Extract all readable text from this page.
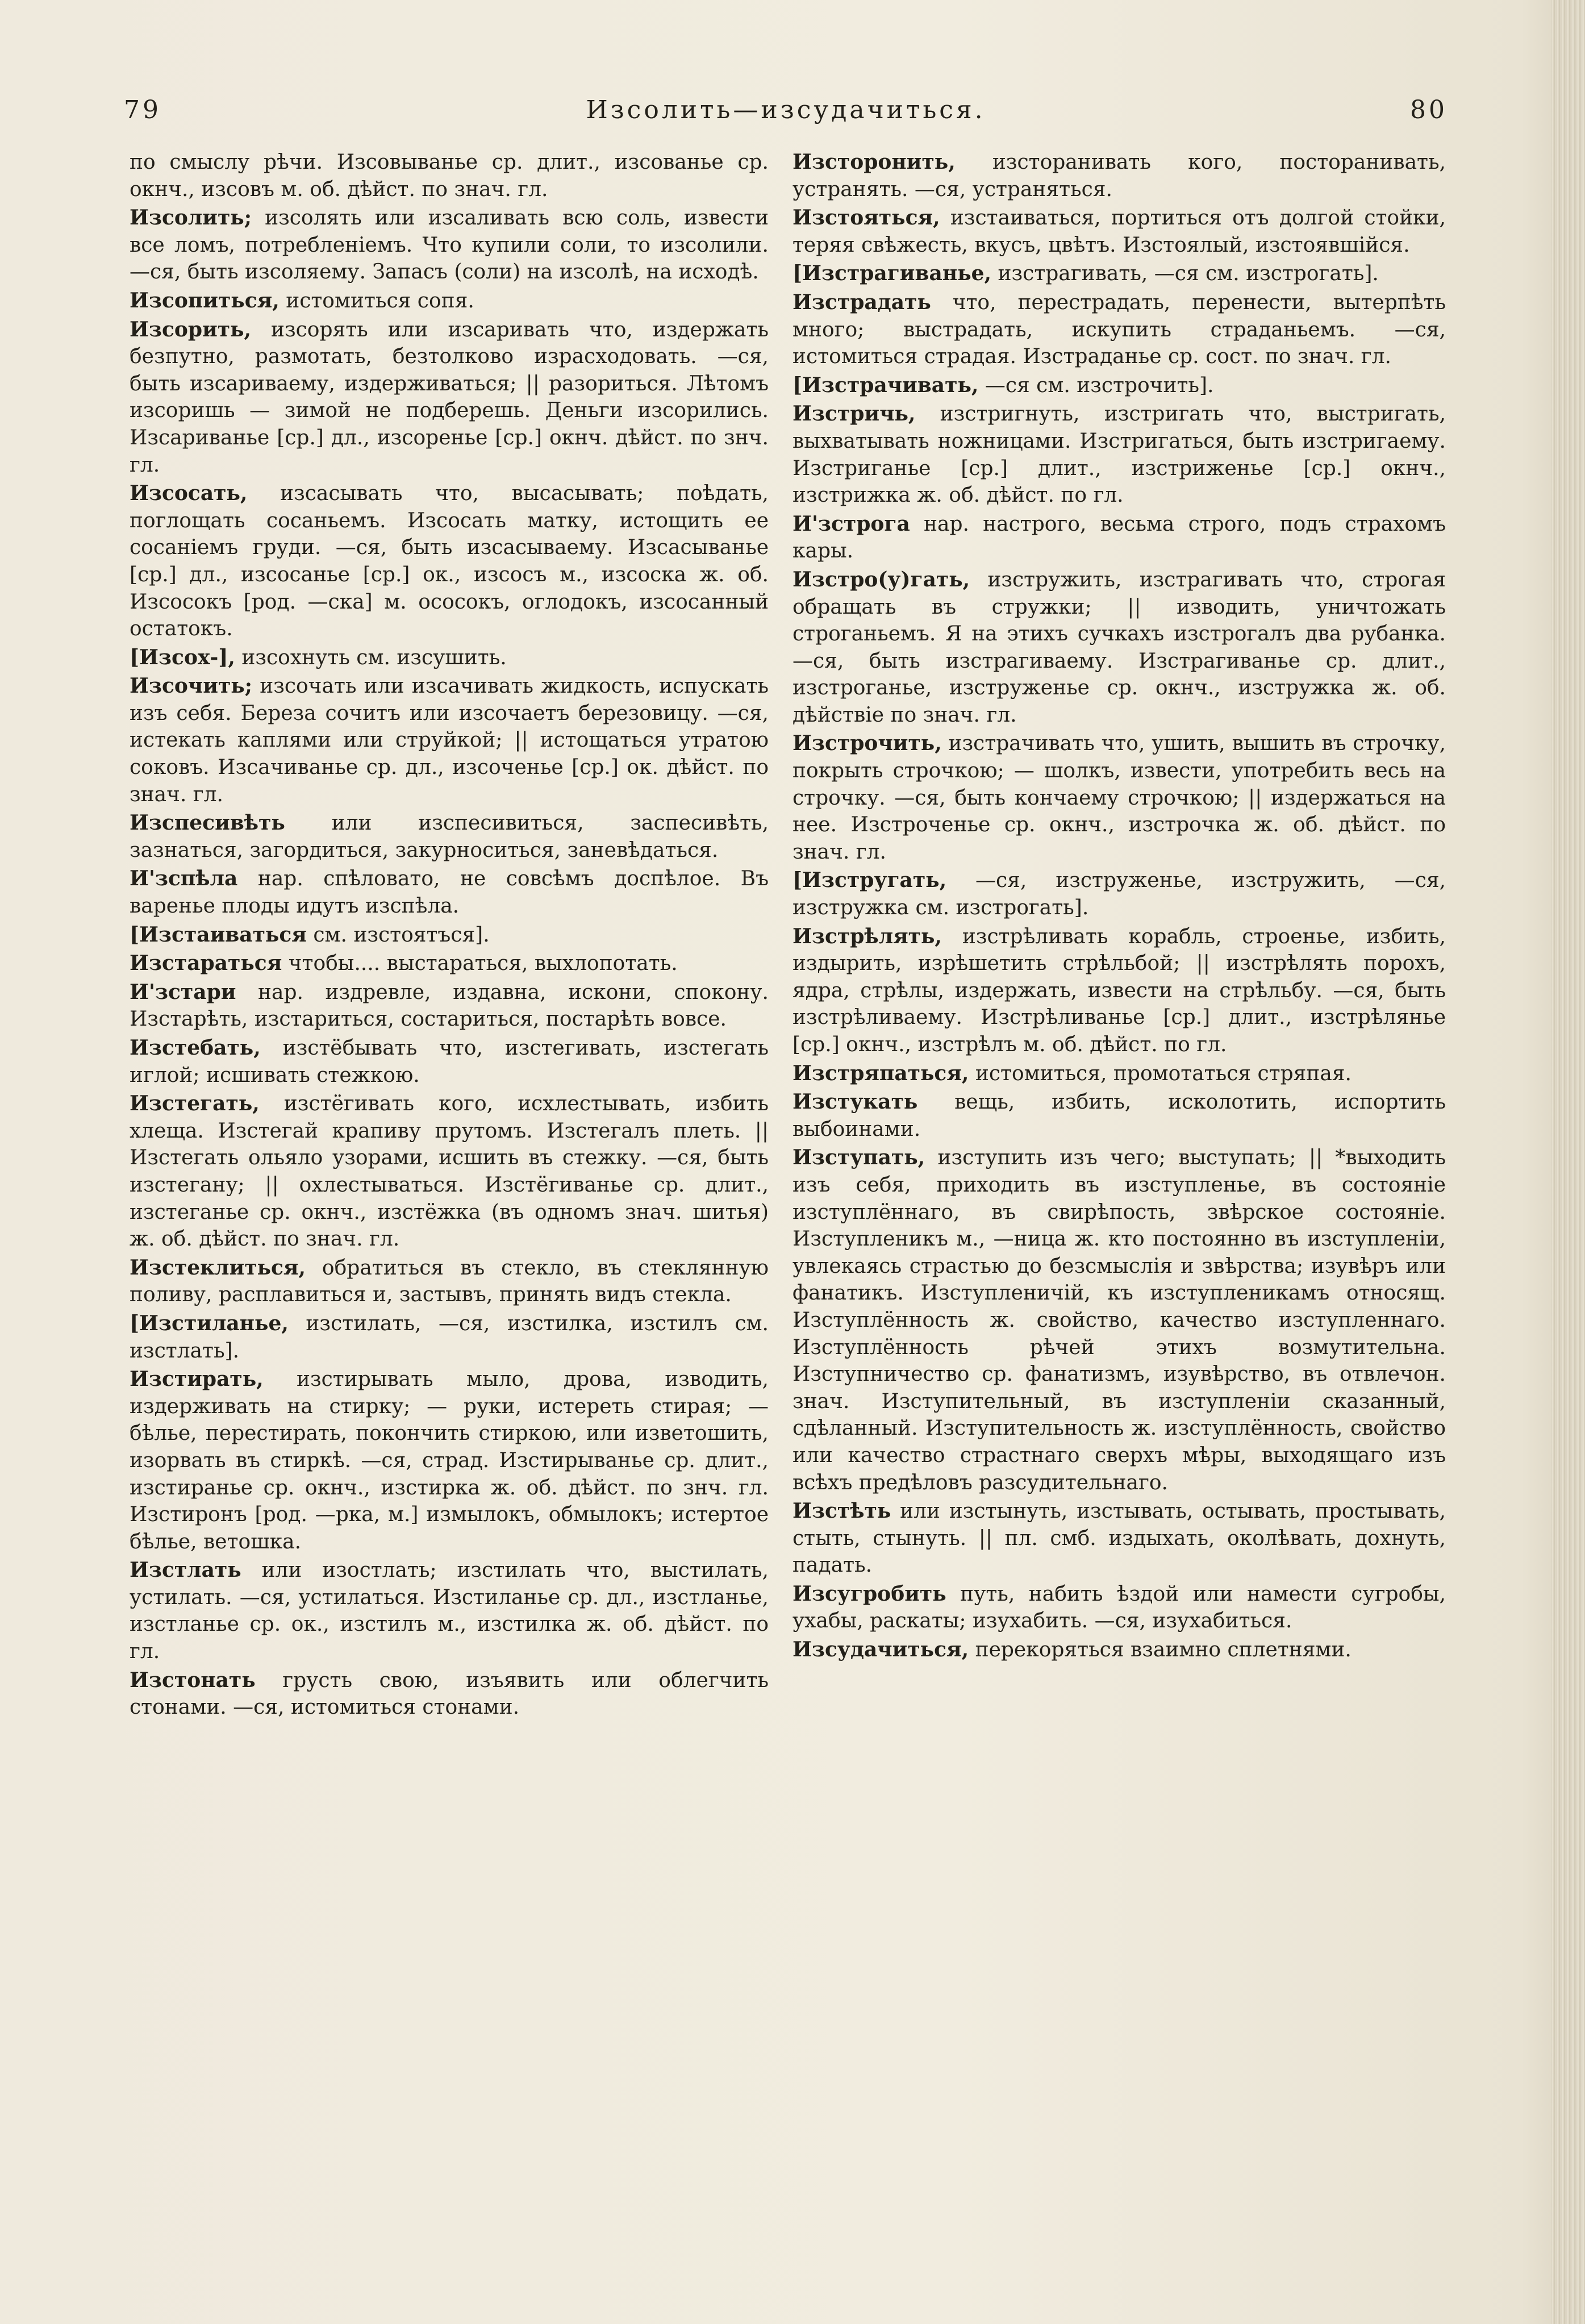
79	Изсолить—изсудачиться.	80
по смыслу рѣчи. Изсовыванье ср. длит., изсованье ср. окнч., изсовъ м. об. дѣйст. по знач. гл.
Изсолить; изсолять или изсаливать всю соль, извести все ломъ, потребленіемъ. Что купили соли, то изсолили. —ся, быть изсоляему. Запасъ (соли) на изсолѣ, на исходѣ.
Изсопиться, истомиться сопя.
Изсорить, изсорять или изсаривать что, издержать безпутно, размотать, безтолково израсходовать. —ся, быть изсариваему, издерживаться; || разориться. Лѣтомъ изсоришь — зимой не подберешь. Деньги изсорились. Изсариванье [ср.] дл., изсоренье [ср.] окнч. дѣйст. по знч. гл.
Изсосать, изсасывать что, высасывать; поѣдать, поглощать сосаньемъ. Изсосать матку, истощить ее сосаніемъ груди. —ся, быть изсасываему. Изсасыванье [ср.] дл., изсосанье [ср.] ок., изсосъ м., изсоска ж. об. Изсосокъ [род. —ска] м. ососокъ, оглодокъ, изсосанный остатокъ.
[Изсох-], изсохнуть см. изсушить.
Изсочить; изсочать или изсачивать жидкость, испускать изъ себя. Береза сочитъ или изсочаетъ березовицу. —ся, истекать каплями или струйкой; || истощаться утратою соковъ. Изсачиванье ср. дл., изсоченье [ср.] ок. дѣйст. по знач. гл.
Изспесивѣть или изспесивиться, заспесивѣть, зазнаться, загордиться, закурноситься, заневѣдаться.
И'зспѣла нар. спѣловато, не совсѣмъ доспѣлое. Въ варенье плоды идутъ изспѣла.
[Изстаиваться см. изстоятъся].
Изстараться чтобы.... выстараться, выхлопотать.
И'зстари нар. издревле, издавна, искони, спокону. Изстарѣть, изстариться, состариться, постарѣть вовсе.
Изстебать, изстёбывать что, изстегивать, изстегать иглой; исшивать стежкою.
Изстегать, изстёгивать кого, исхлестывать, избить хлеща. Изстегай крапиву прутомъ. Изстегалъ плеть. || Изстегать ольяло узорами, исшить въ стежку. —ся, быть изстегану; || охлестываться. Изстёгиванье ср. длит., изстеганье ср. окнч., изстёжка (въ одномъ знач. шитья) ж. об. дѣйст. по знач. гл.
Изстеклиться, обратиться въ стекло, въ стеклянную поливу, расплавиться и, застывъ, принять видъ стекла.
[Изстиланье, изстилать, —ся, изстилка, изстилъ см. изстлать].
Изстирать, изстирывать мыло, дрова, изводить, издерживать на стирку; — руки, истереть стирая; — бѣлье, перестирать, покончить стиркою, или изветошить, изорвать въ стиркѣ. —ся, страд. Изстирыванье ср. длит., изстиранье ср. окнч., изстирка ж. об. дѣйст. по знч. гл. Изстиронъ [род. —рка, м.] измылокъ, обмылокъ; истертое бѣлье, ветошка.
Изстлать или изостлать; изстилать что, выстилать, устилать. —ся, устилаться. Изстиланье ср. дл., изстланье, изстланье ср. ок., изстилъ м., изстилка ж. об. дѣйст. по гл.
Изстонать грусть свою, изъявить или облегчить стонами. —ся, истомиться стонами.
Изсторонить, изсторанивать кого, посторанивать, устранять. —ся, устраняться.
Изстояться, изстаиваться, портиться отъ долгой стойки, теряя свѣжесть, вкусъ, цвѣтъ. Изстоялый, изстоявшійся.
[Изстрагиванье, изстрагивать, —ся см. изстрогать].
Изстрадать что, перестрадать, перенести, вытерпѣть много; выстрадать, искупить страданьемъ. —ся, истомиться страдая. Изстраданье ср. сост. по знач. гл.
[Изстрачивать, —ся см. изстрочить].
Изстричь, изстригнуть, изстригать что, выстригать, выхватывать ножницами. Изстригаться, быть изстригаему. Изстриганье [ср.] длит., изстриженье [ср.] окнч., изстрижка ж. об. дѣйст. по гл.
И'зстрога нар. настрого, весьма строго, подъ страхомъ кары.
Изстро(у)гать, изстружить, изстрагивать что, строгая обращать въ стружки; || изводить, уничтожать строганьемъ. Я на этихъ сучкахъ изстрогалъ два рубанка. —ся, быть изстрагиваему. Изстрагиванье ср. длит., изстроганье, изструженье ср. окнч., изстружка ж. об. дѣйствіе по знач. гл.
Изстрочить, изстрачивать что, ушить, вышить въ строчку, покрыть строчкою; — шолкъ, извести, употребить весь на строчку. —ся, быть кончаему строчкою; || издержаться на нее. Изстроченье ср. окнч., изстрочка ж. об. дѣйст. по знач. гл.
[Изстругать, —ся, изструженье, изстружить, —ся, изстружка см. изстрогать].
Изстрѣлять, изстрѣливать корабль, строенье, избить, издырить, изрѣшетить стрѣльбой; || изстрѣлять порохъ, ядра, стрѣлы, издержать, извести на стрѣльбу. —ся, быть изстрѣливаему. Изстрѣливанье [ср.] длит., изстрѣлянье [ср.] окнч., изстрѣлъ м. об. дѣйст. по гл.
Изстряпаться, истомиться, промотаться стряпая.
Изстукать вещь, избить, исколотить, испортить выбоинами.
Изступать, изступить изъ чего; выступать; || *выходить изъ себя, приходить въ изступленье, въ состояніе изступлённаго, въ свирѣпость, звѣрское состояніе. Изступленикъ м., —ница ж. кто постоянно въ изступленіи, увлекаясь страстью до безсмыслія и звѣрства; изувѣръ или фанатикъ. Изступленичій, къ изступленикамъ относящ. Изступлённость ж. свойство, качество изступленнаго. Изступлённость рѣчей этихъ возмутительна. Изступничество ср. фанатизмъ, изувѣрство, въ отвлечон. знач. Изступительный, въ изступленіи сказанный, сдѣланный. Изступительность ж. изступлённость, свойство или качество страстнаго сверхъ мѣры, выходящаго изъ всѣхъ предѣловъ разсудительнаго.
Изстѣть или изстынуть, изстывать, остывать, простывать, стыть, стынуть. || пл. смб. издыхать, околѣвать, дохнуть, падать.
Изсугробить путь, набить ѣздой или намести сугробы, ухабы, раскаты; изухабить. —ся, изухабиться.
Изсудачиться, перекоряться взаимно сплетнями.
